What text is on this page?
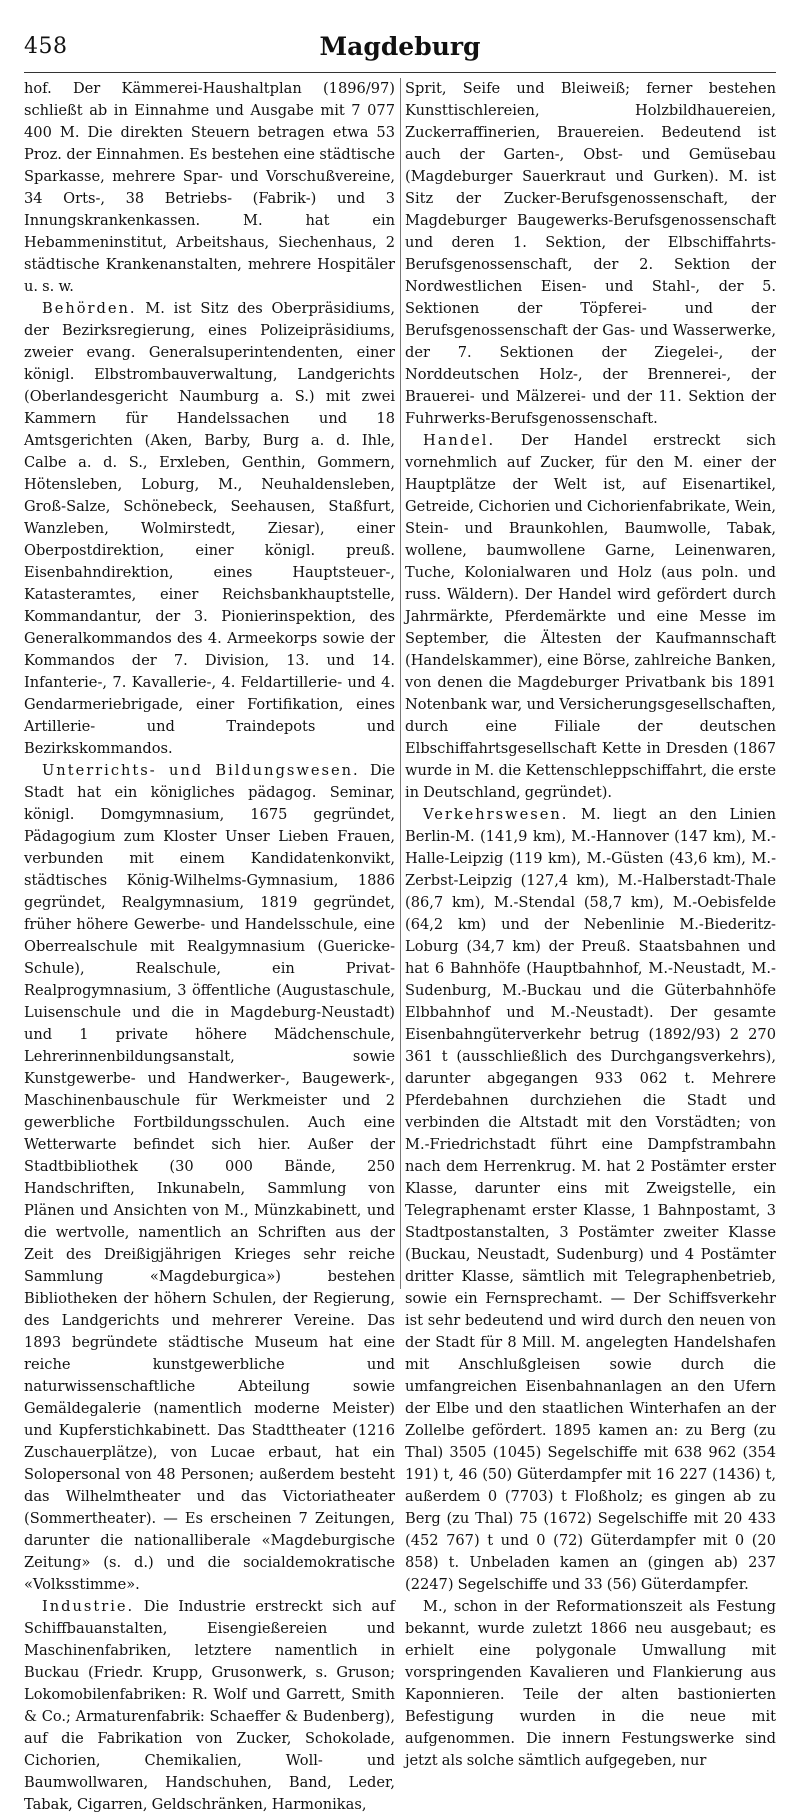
458	Magdeburg

hof. Der Kämmerei-Haushaltplan (1896/97) schließt ab in Einnahme und Ausgabe mit 7 077 400 M. Die direkten Steuern betragen etwa 53 Proz. der Einnahmen. Es bestehen eine städtische Sparkasse, mehrere Spar- und Vorschußvereine, 34 Orts-, 38 Betriebs- (Fabrik-) und 3 Innungskrankenkassen. M. hat ein Hebammeninstitut, Arbeitshaus, Siechenhaus, 2 städtische Krankenanstalten, mehrere Hospitäler u. s. w.

Behörden. M. ist Sitz des Oberpräsidiums, der Bezirksregierung, eines Polizeipräsidiums, zweier evang. Generalsuperintendenten, einer königl. Elbstrombauverwaltung, Landgerichts (Oberlandesgericht Naumburg a. S.) mit zwei Kammern für Handelssachen und 18 Amtsgerichten (Aken, Barby, Burg a. d. Ihle, Calbe a. d. S., Erxleben, Genthin, Gommern, Hötensleben, Loburg, M., Neuhaldensleben, Groß-Salze, Schönebeck, Seehausen, Staßfurt, Wanzleben, Wolmirstedt, Ziesar), einer Oberpostdirektion, einer königl. preuß. Eisenbahndirektion, eines Hauptsteuer-, Katasteramtes, einer Reichsbankhauptstelle, Kommandantur, der 3. Pionierinspektion, des Generalkommandos des 4. Armeekorps sowie der Kommandos der 7. Division, 13. und 14. Infanterie-, 7. Kavallerie-, 4. Feldartillerie- und 4. Gendarmeriebrigade, einer Fortifikation, eines Artillerie- und Traindepots und Bezirkskommandos.

Unterrichts- und Bildungswesen. Die Stadt hat ein königliches pädagog. Seminar, königl. Domgymnasium, 1675 gegründet, Pädagogium zum Kloster Unser Lieben Frauen, verbunden mit einem Kandidatenkonvikt, städtisches König-Wilhelms-Gymnasium, 1886 gegründet, Realgymnasium, 1819 gegründet, früher höhere Gewerbe- und Handelsschule, eine Oberrealschule mit Realgymnasium (Guericke-Schule), Realschule, ein Privat-Realprogymnasium, 3 öffentliche (Augustaschule, Luisenschule und die in Magdeburg-Neustadt) und 1 private höhere Mädchenschule, Lehrerinnenbildungsanstalt, sowie Kunstgewerbe- und Handwerker-, Baugewerk-, Maschinenbauschule für Werkmeister und 2 gewerbliche Fortbildungsschulen. Auch eine Wetterwarte befindet sich hier. Außer der Stadtbibliothek (30 000 Bände, 250 Handschriften, Inkunabeln, Sammlung von Plänen und Ansichten von M., Münzkabinett, und die wertvolle, namentlich an Schriften aus der Zeit des Dreißigjährigen Krieges sehr reiche Sammlung «Magdeburgica») bestehen Bibliotheken der höhern Schulen, der Regierung, des Landgerichts und mehrerer Vereine. Das 1893 begründete städtische Museum hat eine reiche kunstgewerbliche und naturwissenschaftliche Abteilung sowie Gemäldegalerie (namentlich moderne Meister) und Kupferstichkabinett. Das Stadttheater (1216 Zuschauerplätze), von Lucae erbaut, hat ein Solopersonal von 48 Personen; außerdem besteht das Wilhelmtheater und das Victoriatheater (Sommertheater). — Es erscheinen 7 Zeitungen, darunter die nationalliberale «Magdeburgische Zeitung» (s. d.) und die socialdemokratische «Volksstimme».

Industrie. Die Industrie erstreckt sich auf Schiffbauanstalten, Eisengießereien und Maschinenfabriken, letztere namentlich in Buckau (Friedr. Krupp, Grusonwerk, s. Gruson; Lokomobilenfabriken: R. Wolf und Garrett, Smith & Co.; Armaturenfabrik: Schaeffer & Budenberg), auf die Fabrikation von Zucker, Schokolade, Cichorien, Chemikalien, Woll- und Baumwollwaren, Handschuhen, Band, Leder, Tabak, Cigarren, Geldschränken, Harmonikas,

Sprit, Seife und Bleiweiß; ferner bestehen Kunsttischlereien, Holzbildhauereien, Zuckerraffinerien, Brauereien. Bedeutend ist auch der Garten-, Obst- und Gemüsebau (Magdeburger Sauerkraut und Gurken). M. ist Sitz der Zucker-Berufsgenossenschaft, der Magdeburger Baugewerks-Berufsgenossenschaft und deren 1. Sektion, der Elbschiffahrts-Berufsgenossenschaft, der 2. Sektion der Nordwestlichen Eisen- und Stahl-, der 5. Sektionen der Töpferei- und der Berufsgenossenschaft der Gas- und Wasserwerke, der 7. Sektionen der Ziegelei-, der Norddeutschen Holz-, der Brennerei-, der Brauerei- und Mälzerei- und der 11. Sektion der Fuhrwerks-Berufsgenossenschaft.

Handel. Der Handel erstreckt sich vornehmlich auf Zucker, für den M. einer der Hauptplätze der Welt ist, auf Eisenartikel, Getreide, Cichorien und Cichorienfabrikate, Wein, Stein- und Braunkohlen, Baumwolle, Tabak, wollene, baumwollene Garne, Leinenwaren, Tuche, Kolonialwaren und Holz (aus poln. und russ. Wäldern). Der Handel wird gefördert durch Jahrmärkte, Pferdemärkte und eine Messe im September, die Ältesten der Kaufmannschaft (Handelskammer), eine Börse, zahlreiche Banken, von denen die Magdeburger Privatbank bis 1891 Notenbank war, und Versicherungsgesellschaften, durch eine Filiale der deutschen Elbschiffahrtsgesellschaft Kette in Dresden (1867 wurde in M. die Kettenschleppschiffahrt, die erste in Deutschland, gegründet).

Verkehrswesen. M. liegt an den Linien Berlin-M. (141,9 km), M.-Hannover (147 km), M.-Halle-Leipzig (119 km), M.-Güsten (43,6 km), M.-Zerbst-Leipzig (127,4 km), M.-Halberstadt-Thale (86,7 km), M.-Stendal (58,7 km), M.-Oebisfelde (64,2 km) und der Nebenlinie M.-Biederitz-Loburg (34,7 km) der Preuß. Staatsbahnen und hat 6 Bahnhöfe (Hauptbahnhof, M.-Neustadt, M.-Sudenburg, M.-Buckau und die Güterbahnhöfe Elbbahnhof und M.-Neustadt). Der gesamte Eisenbahngüterverkehr betrug (1892/93) 2 270 361 t (ausschließlich des Durchgangsverkehrs), darunter abgegangen 933 062 t. Mehrere Pferdebahnen durchziehen die Stadt und verbinden die Altstadt mit den Vorstädten; von M.-Friedrichstadt führt eine Dampfstrambahn nach dem Herrenkrug. M. hat 2 Postämter erster Klasse, darunter eins mit Zweigstelle, ein Telegraphenamt erster Klasse, 1 Bahnpostamt, 3 Stadtpostanstalten, 3 Postämter zweiter Klasse (Buckau, Neustadt, Sudenburg) und 4 Postämter dritter Klasse, sämtlich mit Telegraphenbetrieb, sowie ein Fernsprechamt. — Der Schiffsverkehr ist sehr bedeutend und wird durch den neuen von der Stadt für 8 Mill. M. angelegten Handelshafen mit Anschlußgleisen sowie durch die umfangreichen Eisenbahnanlagen an den Ufern der Elbe und den staatlichen Winterhafen an der Zollelbe gefördert. 1895 kamen an: zu Berg (zu Thal) 3505 (1045) Segelschiffe mit 638 962 (354 191) t, 46 (50) Güterdampfer mit 16 227 (1436) t, außerdem 0 (7703) t Floßholz; es gingen ab zu Berg (zu Thal) 75 (1672) Segelschiffe mit 20 433 (452 767) t und 0 (72) Güterdampfer mit 0 (20 858) t. Unbeladen kamen an (gingen ab) 237 (2247) Segelschiffe und 33 (56) Güterdampfer.

M., schon in der Reformationszeit als Festung bekannt, wurde zuletzt 1866 neu ausgebaut; es erhielt eine polygonale Umwallung mit vorspringenden Kavalieren und Flankierung aus Kaponnieren. Teile der alten bastionierten Befestigung wurden in die neue mit aufgenommen. Die innern Festungswerke sind jetzt als solche sämtlich aufgegeben, nur
